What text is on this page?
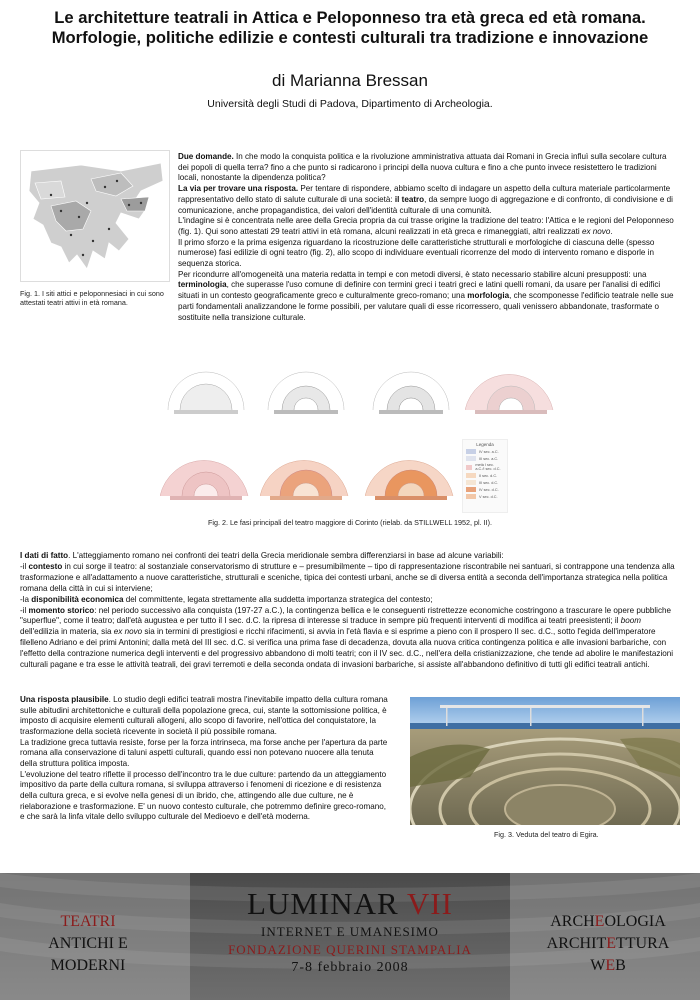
Le architetture teatrali in Attica e Peloponneso tra età greca ed età romana.
Morfologie, politiche edilizie e contesti culturali tra tradizione e innovazione
di Marianna Bressan
Università degli Studi di Padova, Dipartimento di Archeologia.
Fig. 1. I siti attici e peloponnesiaci in cui sono attestati teatri attivi in età romana.

Due domande. In che modo la conquista politica e la rivoluzione amministrativa attuata dai Romani in Grecia influì sulla secolare cultura dei popoli di quella terra? fino a che punto si radicarono i principi della nuova cultura e fino a che punto invece resistettero le tradizioni locali, nonostante la dipendenza politica?

La via per trovare una risposta. Per tentare di rispondere, abbiamo scelto di indagare un aspetto della cultura materiale particolarmente rappresentativo dello stato di salute culturale di una società: il teatro, da sempre luogo di aggregazione e di confronto, di condivisione e di comunicazione, anche propagandistica, dei valori dell'identità culturale di una comunità.

L'indagine si è concentrata nelle aree della Grecia propria da cui trasse origine la tradizione del teatro: l'Attica e le regioni del Peloponneso (fig. 1). Qui sono attestati 29 teatri attivi in età romana, alcuni realizzati in età greca e rimaneggiati, altri realizzati ex novo.

Il primo sforzo e la prima esigenza riguardano la ricostruzione delle caratteristiche strutturali e morfologiche di ciascuna delle (spesso numerose) fasi edilizie di ogni teatro (fig. 2), allo scopo di individuare eventuali ricorrenze del modo di intervento romano e disporle in sequenza storica.

Per ricondurre all'omogeneità una materia redatta in tempi e con metodi diversi, è stato necessario stabilire alcuni presupposti: una terminologia, che superasse l'uso comune di definire con termini greci i teatri greci e latini quelli romani, da usare per l'analisi di edifici situati in un contesto geograficamente greco e culturalmente greco-romano; una morfologia, che scomponesse l'edificio teatrale nelle sue parti fondamentali analizzandone le forme possibili, per valutare quali di esse ricorressero, quali venissero abbandonate, trasformate o sostituite nella transizione culturale.

Legenda
IV sec. a.C.
III sec. a.C.
metà I sec. a.C./I sec. d.C.
II sec. d.C.
III sec. d.C.
IV sec. d.C.
V sec. d.C.
Fig. 2. Le fasi principali del teatro maggiore di Corinto (rielab. da STILLWELL 1952, pl. II).

I dati di fatto. L'atteggiamento romano nei confronti dei teatri della Grecia meridionale sembra differenziarsi in base ad alcune variabili:

-il contesto in cui sorge il teatro: al sostanziale conservatorismo di strutture e – presumibilmente – tipo di rappresentazione riscontrabile nei santuari, si contrappone una tendenza alla trasformazione e all'adattamento a nuove caratteristiche, strutturali e sceniche, tipica dei contesti urbani, anche se di diversa entità a seconda dell'importanza strategica nella politica romana della città in cui si interviene;

-la disponibilità economica del committente, legata strettamente alla suddetta importanza strategica del contesto;

-il momento storico: nel periodo successivo alla conquista (197-27 a.C.), la contingenza bellica e le conseguenti ristrettezze economiche costringono a trascurare le opere pubbliche "superflue", come il teatro; dall'età augustea e per tutto il I sec. d.C. la ripresa di interesse si traduce in sempre più frequenti interventi di modifica ai teatri preesistenti; il boom dell'edilizia in materia, sia ex novo sia in termini di prestigiosi e ricchi rifacimenti, si avvia in l'età flavia e si esprime a pieno con il prospero II sec. d.C., sotto l'egida dell'imperatore filelleno Adriano e dei primi Antonini; dalla metà del III sec. d.C. si verifica una prima fase di decadenza, dovuta alla nuova critica contingenza politica e alle invasioni barbariche, con l'effetto della contrazione numerica degli interventi e del progressivo abbandono di molti teatri; con il IV sec. d.C., nell'era della cristianizzazione, che tende ad abolire le manifestazioni culturali pagane e tra esse le attività teatrali, dei gravi terremoti e della seconda ondata di invasioni barbariche, si assiste all'abbandono definitivo di tutti gli edifici teatrali antichi.

Una risposta plausibile. Lo studio degli edifici teatrali mostra l'inevitabile impatto della cultura romana sulle abitudini architettoniche e culturali della popolazione greca, cui, stante la sottomissione politica, è imposto di acquisire elementi culturali allogeni, allo scopo di favorire, nell'ottica del conquistatore, la trasformazione della società ricevente in società il più possibile romana.

La tradizione greca tuttavia resiste, forse per la forza intrinseca, ma forse anche per l'apertura da parte romana alla conservazione di taluni aspetti culturali, quando essi non potevano nuocere alla tenuta della struttura politica imposta.

L'evoluzione del teatro riflette il processo dell'incontro tra le due culture: partendo da un atteggiamento impositivo da parte della cultura romana, si sviluppa attraverso i fenomeni di ricezione e di resistenza della cultura greca, e si evolve nella genesi di un ibrido, che, attingendo alle due culture, ne è rielaborazione e trasformazione. E' un nuovo contesto culturale, che potremmo definire greco-romano, e che sarà la linfa vitale dello sviluppo culturale del Medioevo e dell'età moderna.

Fig. 3. Veduta del teatro di Egira.
TEATRI
ANTICHI E
MODERNI
LUMINAR VII
INTERNET E UMANESIMO
FONDAZIONE QUERINI STAMPALIA
7-8 febbraio 2008
ARCHEOLOGIA
ARCHITETTURA
WEB
